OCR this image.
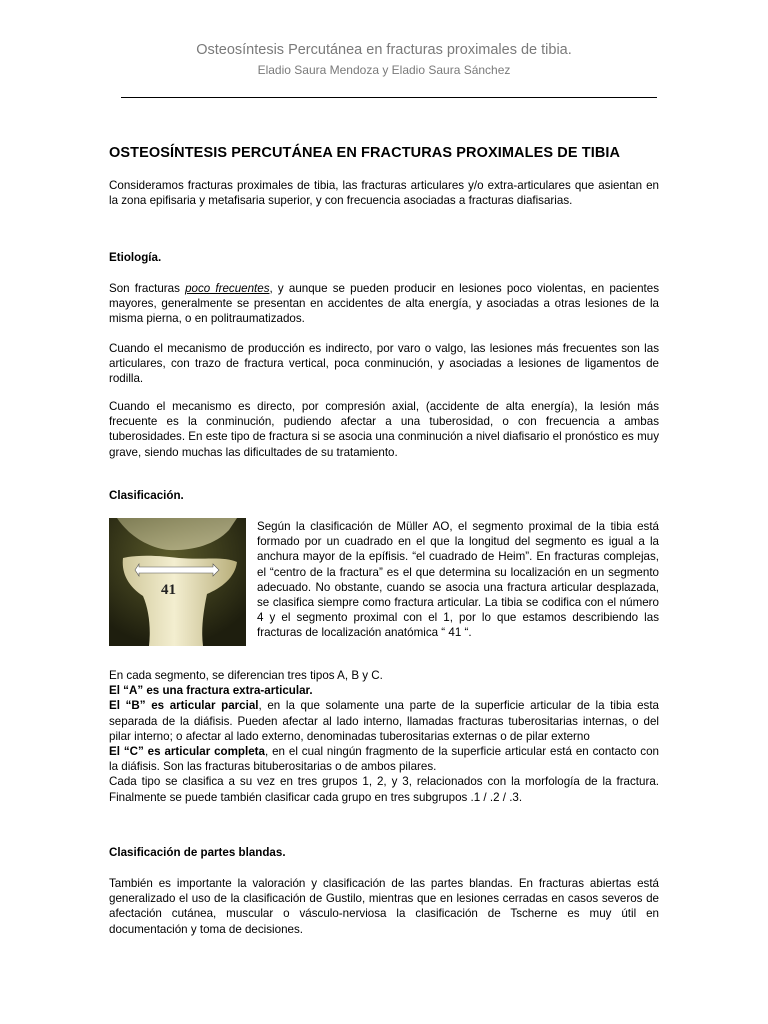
Osteosíntesis Percutánea en fracturas proximales de tibia.
Eladio Saura Mendoza y Eladio Saura Sánchez
OSTEOSÍNTESIS PERCUTÁNEA EN FRACTURAS PROXIMALES DE TIBIA

Consideramos fracturas proximales de tibia, las fracturas articulares y/o extra-articulares que asientan en la zona epifisaria y metafisaria superior, y con frecuencia asociadas a fracturas diafisarias.

Etiología.

Son fracturas poco frecuentes, y aunque se pueden producir en lesiones poco violentas, en pacientes mayores, generalmente se presentan en accidentes de alta energía, y asociadas a otras lesiones de la misma pierna, o en politraumatizados.

Cuando el mecanismo de producción es indirecto, por varo o valgo, las lesiones más frecuentes son las articulares, con trazo de fractura vertical, poca conminución, y asociadas a lesiones de ligamentos de rodilla.

Cuando el mecanismo es directo, por compresión axial, (accidente de alta energía), la lesión más frecuente es la conminución, pudiendo afectar a una tuberosidad, o con frecuencia a ambas tuberosidades. En este tipo de fractura si se asocia una conminución a nivel diafisario el pronóstico es muy grave, siendo muchas las dificultades de su tratamiento.

Clasificación.

41

Según la clasificación de Müller AO, el segmento proximal de la tibia está formado por un cuadrado en el que la longitud del segmento es igual a la anchura mayor de la epífisis. “el cuadrado de Heim”. En fracturas complejas, el “centro de la fractura” es el que determina su localización en un segmento adecuado. No obstante, cuando se asocia una fractura articular desplazada, se clasifica siempre como fractura articular. La tibia se codifica con el número 4 y el segmento proximal con el 1, por lo que estamos describiendo las fracturas de localización anatómica “ 41 “.

En cada segmento, se diferencian tres tipos A, B y C.

El “A” es una fractura extra-articular.

El “B” es articular parcial, en la que solamente una parte de la superficie articular de la tibia esta separada de la diáfisis. Pueden afectar al lado interno, llamadas fracturas tuberositarias internas, o del pilar interno; o afectar al lado externo, denominadas tuberositarias externas o de pilar externo

El “C” es articular completa, en el cual ningún fragmento de la superficie articular está en contacto con la diáfisis. Son las fracturas bituberositarias o de ambos pilares.

Cada tipo se clasifica a su vez en tres grupos 1, 2, y 3, relacionados con la morfología de la fractura. Finalmente se puede también clasificar cada grupo en tres subgrupos .1 / .2 / .3.

Clasificación de partes blandas.

También es importante la valoración y clasificación de las partes blandas. En fracturas abiertas está generalizado el uso de la clasificación de Gustilo, mientras que en lesiones cerradas en casos severos de afectación cutánea, muscular o vásculo-nerviosa la clasificación de Tscherne es muy útil en documentación y toma de decisiones.
